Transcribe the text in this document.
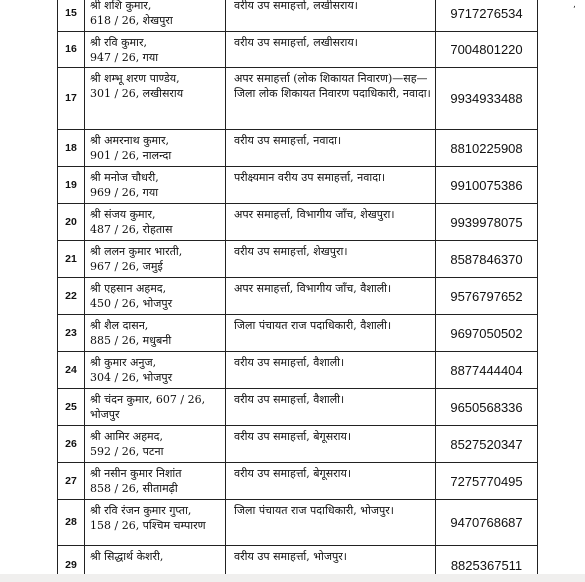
,
15	श्री शशि कुमार,
618 / 26, शेखपुरा	वरीय उप समाहर्त्ता, लखीसराय।	9717276534
16	श्री रवि कुमार,
947 / 26, गया	वरीय उप समाहर्त्ता, लखीसराय।	7004801220
17	श्री शम्भू शरण पाण्डेय,
301 / 26, लखीसराय	अपर समाहर्त्ता (लोक शिकायत निवारण)—सह—जिला लोक शिकायत निवारण पदाधिकारी, नवादा।	9934933488
18	श्री अमरनाथ कुमार,
901 / 26, नालन्दा	वरीय उप समाहर्त्ता, नवादा।	8810225908
19	श्री मनोज चौधरी,
969 / 26, गया	परीक्ष्यमान वरीय उप समाहर्त्ता, नवादा।	9910075386
20	श्री संजय कुमार,
487 / 26, रोहतास	अपर समाहर्त्ता, विभागीय जाँच, शेखपुरा।	9939978075
21	श्री ललन कुमार भारती,
967 / 26, जमुई	वरीय उप समाहर्त्ता, शेखपुरा।	8587846370
22	श्री एहसान अहमद,
450 / 26, भोजपुर	अपर समाहर्त्ता, विभागीय जाँच, वैशाली।	9576797652
23	श्री शैल दासन,
885 / 26, मधुबनी	जिला पंचायत राज पदाधिकारी, वैशाली।	9697050502
24	श्री कुमार अनुज,
304 / 26, भोजपुर	वरीय उप समाहर्त्ता, वैशाली।	8877444404
25	श्री चंदन कुमार, 607 / 26,
भोजपुर	वरीय उप समाहर्त्ता, वैशाली।	9650568336
26	श्री आमिर अहमद,
592 / 26, पटना	वरीय उप समाहर्त्ता, बेगूसराय।	8527520347
27	श्री नसीन कुमार निशांत
858 / 26, सीतामढ़ी	वरीय उप समाहर्त्ता, बेगूसराय।	7275770495
28	श्री रवि रंजन कुमार गुप्ता,
158 / 26, पश्चिम चम्पारण	जिला पंचायत राज पदाधिकारी, भोजपुर।	9470768687
29	श्री सिद्धार्थ केशरी,	वरीय उप समाहर्त्ता, भोजपुर।	8825367511
